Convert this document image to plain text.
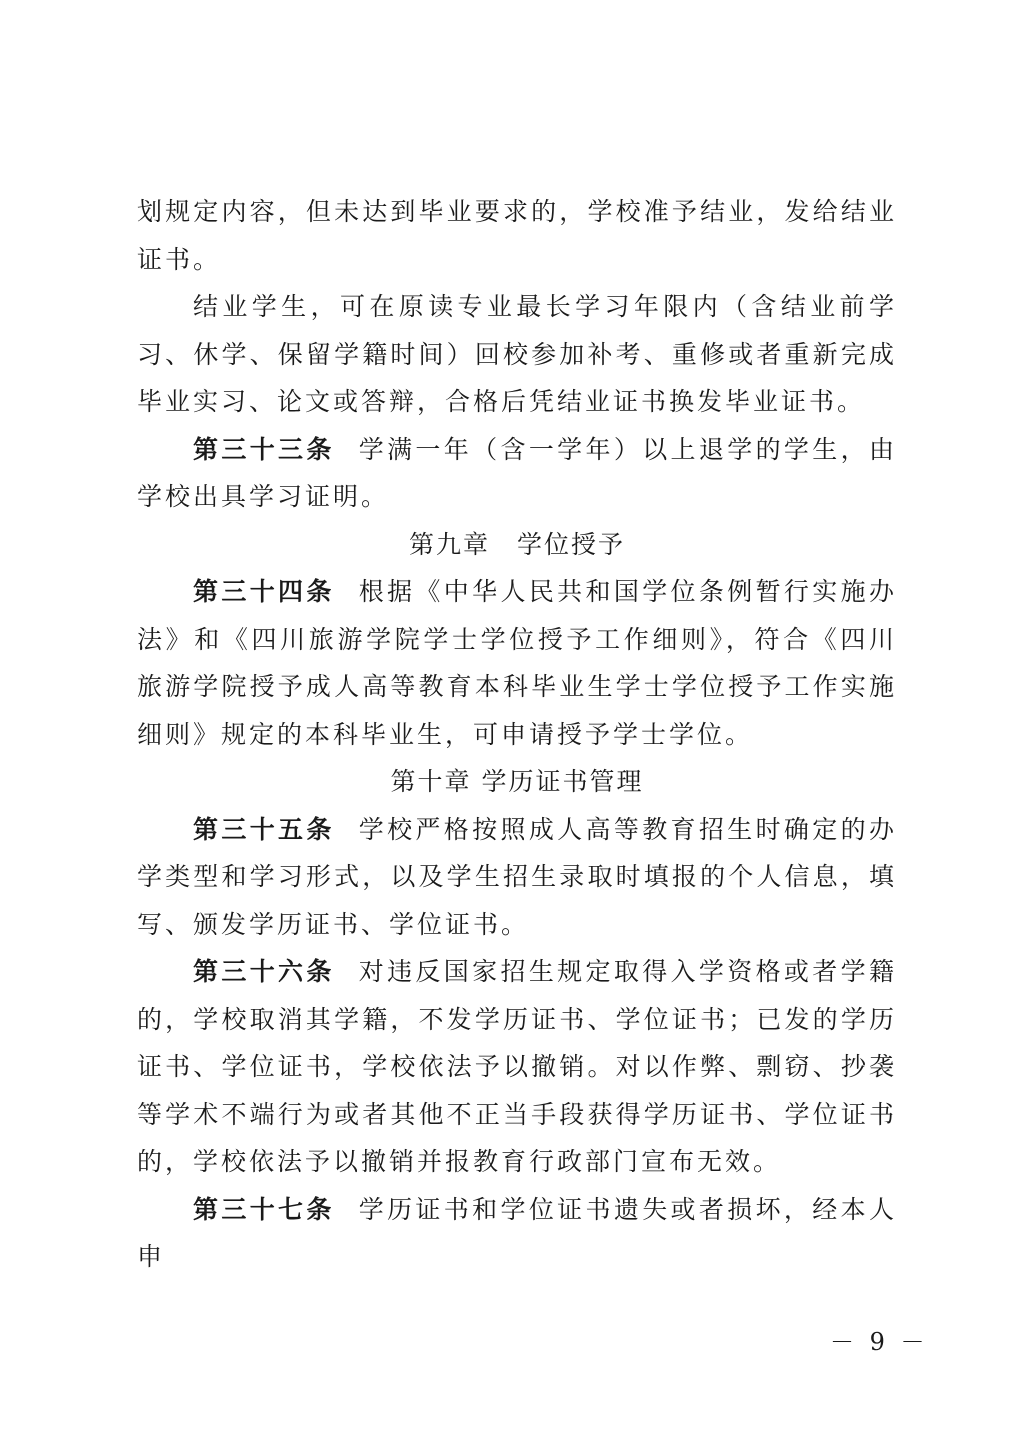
划规定内容，但未达到毕业要求的，学校准予结业，发给结业证书。

结业学生，可在原读专业最长学习年限内（含结业前学习、休学、保留学籍时间）回校参加补考、重修或者重新完成毕业实习、论文或答辩，合格后凭结业证书换发毕业证书。

第三十三条 学满一年（含一学年）以上退学的学生，由学校出具学习证明。

第九章　学位授予

第三十四条 根据《中华人民共和国学位条例暂行实施办法》和《四川旅游学院学士学位授予工作细则》，符合《四川旅游学院授予成人高等教育本科毕业生学士学位授予工作实施细则》规定的本科毕业生，可申请授予学士学位。

第十章 学历证书管理

第三十五条 学校严格按照成人高等教育招生时确定的办学类型和学习形式，以及学生招生录取时填报的个人信息，填写、颁发学历证书、学位证书。

第三十六条 对违反国家招生规定取得入学资格或者学籍的，学校取消其学籍，不发学历证书、学位证书；已发的学历证书、学位证书，学校依法予以撤销。对以作弊、剽窃、抄袭等学术不端行为或者其他不正当手段获得学历证书、学位证书的，学校依法予以撤销并报教育行政部门宣布无效。

第三十七条 学历证书和学位证书遗失或者损坏，经本人申

－ 9 －
